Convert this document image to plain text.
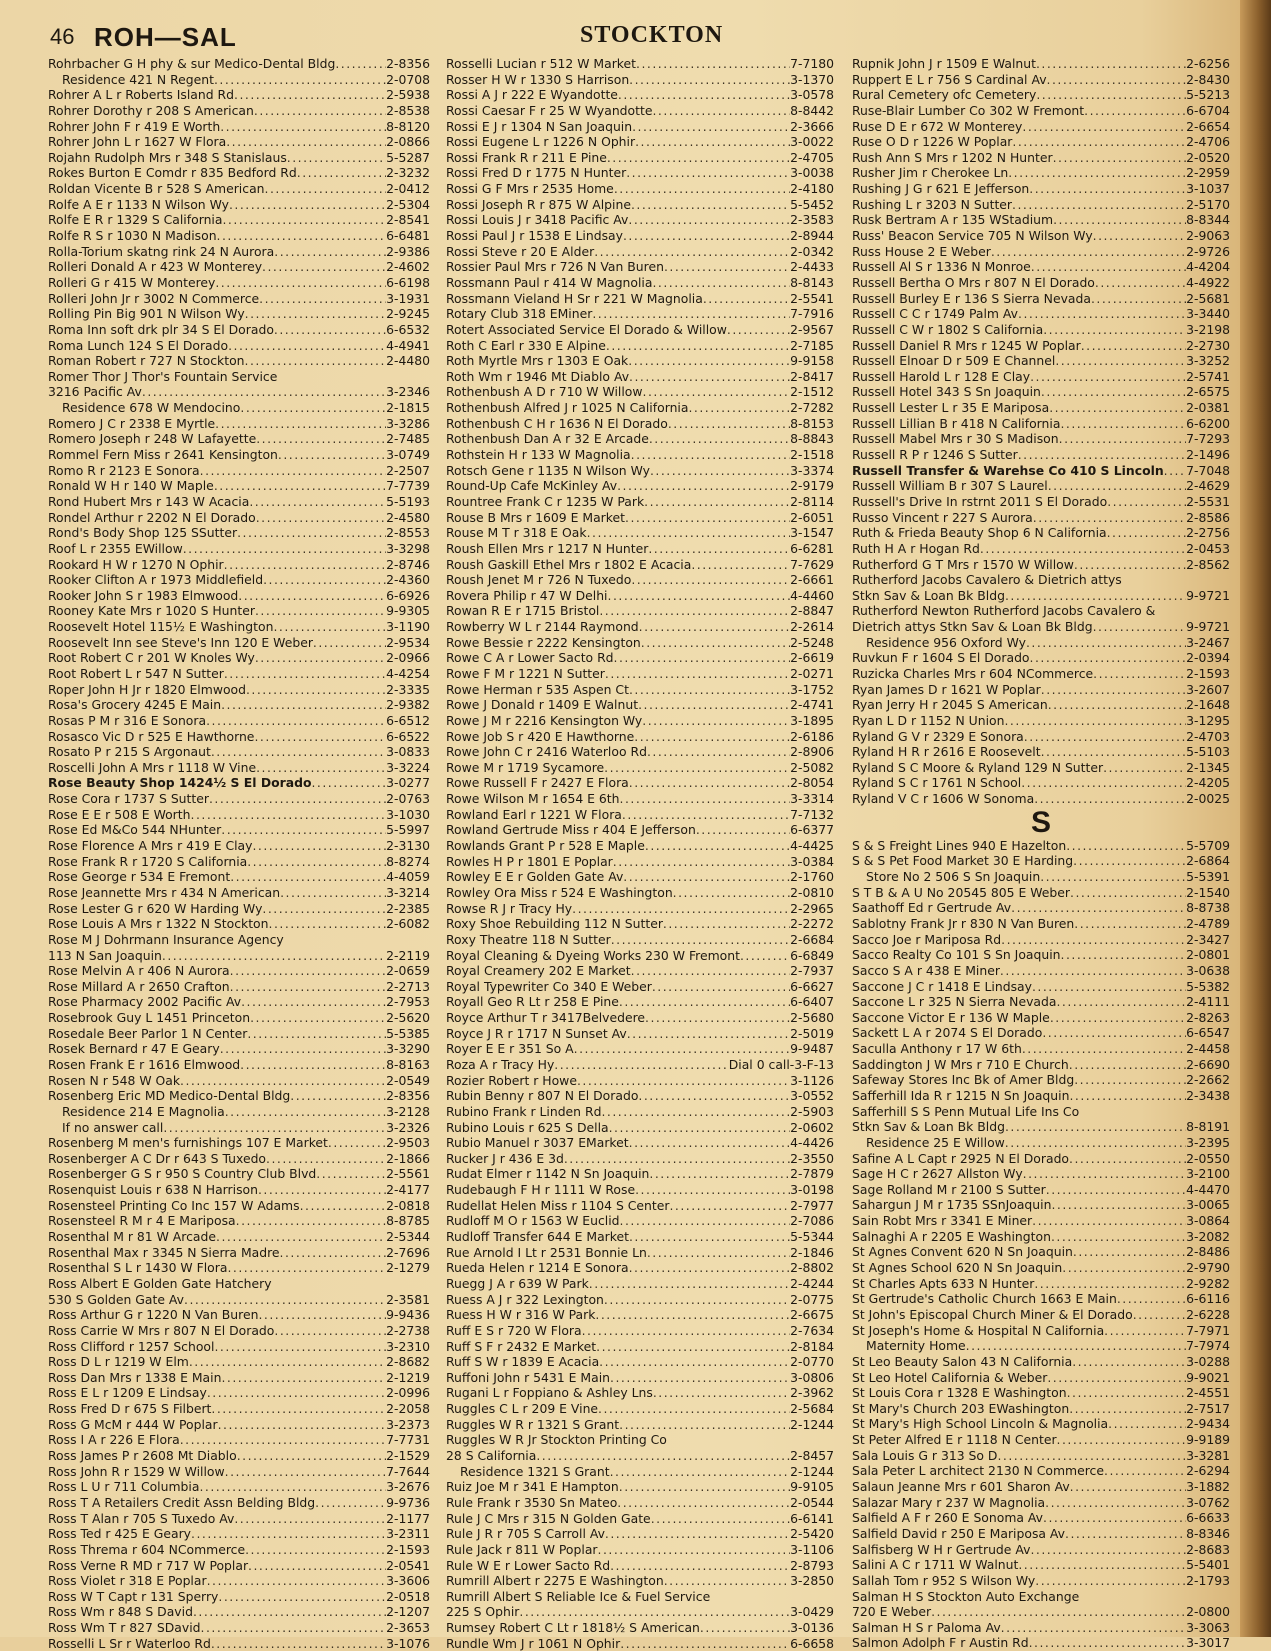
46 ROH—SAL	STOCKTON
Rohrbacher G H phy & sur Medico-Dental Bldg .....	2-8356
Residence 421 N Regent .....	2-0708
Rohrer A L r Roberts Island Rd .....	2-5938
Rohrer Dorothy r 208 S American .....	2-8538
Rohrer John F r 419 E Worth .....	8-8120
Rohrer John L r 1627 W Flora .....	2-0866
Rojahn Rudolph Mrs r 348 S Stanislaus .....	5-5287
Rokes Burton E Comdr r 835 Bedford Rd .....	2-3232
Roldan Vicente B r 528 S American .....	2-0412
Rolfe A E r 1133 N Wilson Wy .....	2-5304
Rolfe E R r 1329 S California .....	2-8541
Rolfe R S r 1030 N Madison .....	6-6481
Rolla-Torium skatng rink 24 N Aurora .....	2-9386
Rolleri Donald A r 423 W Monterey .....	2-4602
Rolleri G r 415 W Monterey .....	6-6198
Rolleri John Jr r 3002 N Commerce .....	3-1931
Rolling Pin Big 901 N Wilson Wy .....	2-9245
Roma Inn soft drk plr 34 S El Dorado .....	6-6532
Roma Lunch 124 S El Dorado .....	4-4941
Roman Robert r 727 N Stockton .....	2-4480
Romer Thor J Thor's Fountain Service
3216 Pacific Av .....	3-2346
Residence 678 W Mendocino .....	2-1815
Romero J C r 2338 E Myrtle .....	3-3286
Romero Joseph r 248 W Lafayette .....	2-7485
Rommel Fern Miss r 2641 Kensington .....	3-0749
Romo R r 2123 E Sonora .....	2-2507
Ronald W H r 140 W Maple .....	7-7739
Rond Hubert Mrs r 143 W Acacia .....	5-5193
Rondel Arthur r 2202 N El Dorado .....	2-4580
Rond's Body Shop 125 SSutter .....	2-8553
Roof L r 2355 EWillow .....	3-3298
Rookard H W r 1270 N Ophir .....	2-8746
Rooker Clifton A r 1973 Middlefield .....	2-4360
Rooker John S r 1983 Elmwood .....	6-6926
Rooney Kate Mrs r 1020 S Hunter .....	9-9305
Roosevelt Hotel 115½ E Washington .....	3-1190
Roosevelt Inn see Steve's Inn 120 E Weber .....	2-9534
Root Robert C r 201 W Knoles Wy .....	2-0966
Root Robert L r 547 N Sutter .....	4-4254
Roper John H Jr r 1820 Elmwood .....	2-3335
Rosa's Grocery 4245 E Main .....	2-9382
Rosas P M r 316 E Sonora .....	6-6512
Rosasco Vic D r 525 E Hawthorne .....	6-6522
Rosato P r 215 S Argonaut .....	3-0833
Roscelli John A Mrs r 1118 W Vine .....	3-3224
Rose Beauty Shop 1424½ S El Dorado .....	3-0277
Rose Cora r 1737 S Sutter .....	2-0763
Rose E E r 508 E Worth .....	3-1030
Rose Ed M&Co 544 NHunter .....	5-5997
Rose Florence A Mrs r 419 E Clay .....	2-3130
Rose Frank R r 1720 S California .....	8-8274
Rose George r 534 E Fremont .....	4-4059
Rose Jeannette Mrs r 434 N American .....	3-3214
Rose Lester G r 620 W Harding Wy .....	2-2385
Rose Louis A Mrs r 1322 N Stockton .....	2-6082
Rose M J Dohrmann Insurance Agency
113 N San Joaquin .....	2-2119
Rose Melvin A r 406 N Aurora .....	2-0659
Rose Millard A r 2650 Crafton .....	2-2713
Rose Pharmacy 2002 Pacific Av .....	2-7953
Rosebrook Guy L 1451 Princeton .....	2-5620
Rosedale Beer Parlor 1 N Center .....	5-5385
Rosek Bernard r 47 E Geary .....	3-3290
Rosen Frank E r 1616 Elmwood .....	8-8163
Rosen N r 548 W Oak .....	2-0549
Rosenberg Eric MD Medico-Dental Bldg .....	2-8356
Residence 214 E Magnolia .....	3-2128
If no answer call .....	3-2326
Rosenberg M men's furnishings 107 E Market .....	2-9503
Rosenberger A C Dr r 643 S Tuxedo .....	2-1866
Rosenberger G S r 950 S Country Club Blvd .....	2-5561
Rosenquist Louis r 638 N Harrison .....	2-4177
Rosensteel Printing Co Inc 157 W Adams .....	2-0818
Rosensteel R M r 4 E Mariposa .....	8-8785
Rosenthal M r 81 W Arcade .....	2-5344
Rosenthal Max r 3345 N Sierra Madre .....	2-7696
Rosenthal S L r 1430 W Flora .....	2-1279
Ross Albert E Golden Gate Hatchery
530 S Golden Gate Av .....	2-3581
Ross Arthur G r 1220 N Van Buren .....	9-9436
Ross Carrie W Mrs r 807 N El Dorado .....	2-2738
Ross Clifford r 1257 School .....	3-2310
Ross D L r 1219 W Elm .....	2-8682
Ross Dan Mrs r 1338 E Main .....	2-1219
Ross E L r 1209 E Lindsay .....	2-0996
Ross Fred D r 675 S Filbert .....	2-2058
Ross G McM r 444 W Poplar .....	3-2373
Ross I A r 226 E Flora .....	7-7731
Ross James P r 2608 Mt Diablo .....	2-1529
Ross John R r 1529 W Willow .....	7-7644
Ross L U r 711 Columbia .....	3-2676
Ross T A Retailers Credit Assn Belding Bldg .....	9-9736
Ross T Alan r 705 S Tuxedo Av .....	2-1177
Ross Ted r 425 E Geary .....	3-2311
Ross Threma r 604 NCommerce .....	2-1593
Ross Verne R MD r 717 W Poplar .....	2-0541
Ross Violet r 318 E Poplar .....	3-3606
Ross W T Capt r 131 Sperry .....	2-0518
Ross Wm r 848 S David .....	2-1207
Ross Wm T r 827 SDavid .....	2-3653
Rosselli L Sr r Waterloo Rd .....	3-1076
Rosselli Lucian r 512 W Market .....	7-7180
Rosser H W r 1330 S Harrison .....	3-1370
Rossi A J r 222 E Wyandotte .....	3-0578
Rossi Caesar F r 25 W Wyandotte .....	8-8442
Rossi E J r 1304 N San Joaquin .....	2-3666
Rossi Eugene L r 1226 N Ophir .....	3-0022
Rossi Frank R r 211 E Pine .....	2-4705
Rossi Fred D r 1775 N Hunter .....	3-0038
Rossi G F Mrs r 2535 Home .....	2-4180
Rossi Joseph R r 875 W Alpine .....	5-5452
Rossi Louis J r 3418 Pacific Av .....	2-3583
Rossi Paul J r 1538 E Lindsay .....	2-8944
Rossi Steve r 20 E Alder .....	2-0342
Rossier Paul Mrs r 726 N Van Buren .....	2-4433
Rossmann Paul r 414 W Magnolia .....	8-8143
Rossmann Vieland H Sr r 221 W Magnolia .....	2-5541
Rotary Club 318 EMiner .....	7-7916
Rotert Associated Service El Dorado & Willow .....	2-9567
Roth C Earl r 330 E Alpine .....	2-7185
Roth Myrtle Mrs r 1303 E Oak .....	9-9158
Roth Wm r 1946 Mt Diablo Av .....	2-8417
Rothenbush A D r 710 W Willow .....	2-1512
Rothenbush Alfred J r 1025 N California .....	2-7282
Rothenbush C H r 1636 N El Dorado .....	8-8153
Rothenbush Dan A r 32 E Arcade .....	8-8843
Rothstein H r 133 W Magnolia .....	2-1518
Rotsch Gene r 1135 N Wilson Wy .....	3-3374
Round-Up Cafe McKinley Av .....	2-9179
Rountree Frank C r 1235 W Park .....	2-8114
Rouse B Mrs r 1609 E Market .....	2-6051
Rouse M T r 318 E Oak .....	3-1547
Roush Ellen Mrs r 1217 N Hunter .....	6-6281
Roush Gaskill Ethel Mrs r 1802 E Acacia .....	7-7629
Roush Jenet M r 726 N Tuxedo .....	2-6661
Rovera Philip r 47 W Delhi .....	4-4460
Rowan R E r 1715 Bristol .....	2-8847
Rowberry W L r 2144 Raymond .....	2-2614
Rowe Bessie r 2222 Kensington .....	2-5248
Rowe C A r Lower Sacto Rd .....	2-6619
Rowe F M r 1221 N Sutter .....	2-0271
Rowe Herman r 535 Aspen Ct .....	3-1752
Rowe J Donald r 1409 E Walnut .....	2-4741
Rowe J M r 2216 Kensington Wy .....	3-1895
Rowe Job S r 420 E Hawthorne .....	2-6186
Rowe John C r 2416 Waterloo Rd .....	2-8906
Rowe M r 1719 Sycamore .....	2-5082
Rowe Russell F r 2427 E Flora .....	2-8054
Rowe Wilson M r 1654 E 6th .....	3-3314
Rowland Earl r 1221 W Flora .....	7-7132
Rowland Gertrude Miss r 404 E Jefferson .....	6-6377
Rowlands Grant P r 528 E Maple .....	4-4425
Rowles H P r 1801 E Poplar .....	3-0384
Rowley E E r Golden Gate Av .....	2-1760
Rowley Ora Miss r 524 E Washington .....	2-0810
Rowse R J r Tracy Hy .....	2-2965
Roxy Shoe Rebuilding 112 N Sutter .....	2-2272
Roxy Theatre 118 N Sutter .....	2-6684
Royal Cleaning & Dyeing Works 230 W Fremont .....	6-6849
Royal Creamery 202 E Market .....	2-7937
Royal Typewriter Co 340 E Weber .....	6-6627
Royall Geo R Lt r 258 E Pine .....	6-6407
Royce Arthur T r 3417Belvedere .....	2-5680
Royce J R r 1717 N Sunset Av .....	2-5019
Royer E E r 351 So A .....	9-9487
Roza A r Tracy Hy .....	Dial 0 call-3-F-13
Rozier Robert r Howe .....	3-1126
Rubin Benny r 807 N El Dorado .....	3-0552
Rubino Frank r Linden Rd .....	2-5903
Rubino Louis r 625 S Della .....	2-0602
Rubio Manuel r 3037 EMarket .....	4-4426
Rucker J r 436 E 3d .....	2-3550
Rudat Elmer r 1142 N Sn Joaquin .....	2-7879
Rudebaugh F H r 1111 W Rose .....	3-0198
Rudellat Helen Miss r 1104 S Center .....	2-7977
Rudloff M O r 1563 W Euclid .....	2-7086
Rudloff Transfer 644 E Market .....	5-5344
Rue Arnold I Lt r 2531 Bonnie Ln .....	2-1846
Rueda Helen r 1214 E Sonora .....	2-8802
Ruegg J A r 639 W Park .....	2-4244
Ruess A J r 322 Lexington .....	2-0775
Ruess H W r 316 W Park .....	2-6675
Ruff E S r 720 W Flora .....	2-7634
Ruff S F r 2432 E Market .....	2-8184
Ruff S W r 1839 E Acacia .....	2-0770
Ruffoni John r 5431 E Main .....	3-0806
Rugani L r Foppiano & Ashley Lns .....	2-3962
Ruggles C L r 209 E Vine .....	2-5684
Ruggles W R r 1321 S Grant .....	2-1244
Ruggles W R Jr Stockton Printing Co
28 S California .....	2-8457
Residence 1321 S Grant .....	2-1244
Ruiz Joe M r 341 E Hampton .....	9-9105
Rule Frank r 3530 Sn Mateo .....	2-0544
Rule J C Mrs r 315 N Golden Gate .....	6-6141
Rule J R r 705 S Carroll Av .....	2-5420
Rule Jack r 811 W Poplar .....	3-1106
Rule W E r Lower Sacto Rd .....	2-8793
Rumrill Albert r 2275 E Washington .....	3-2850
Rumrill Albert S Reliable Ice & Fuel Service
225 S Ophir .....	3-0429
Rumsey Robert C Lt r 1818½ S American .....	3-0136
Rundle Wm J r 1061 N Ophir .....	6-6658
Rupnik John J r 1509 E Walnut .....	2-6256
Ruppert E L r 756 S Cardinal Av .....	2-8430
Rural Cemetery ofc Cemetery .....	5-5213
Ruse-Blair Lumber Co 302 W Fremont .....	6-6704
Ruse D E r 672 W Monterey .....	2-6654
Ruse O D r 1226 W Poplar .....	2-4706
Rush Ann S Mrs r 1202 N Hunter .....	2-0520
Rusher Jim r Cherokee Ln .....	2-2959
Rushing J G r 621 E Jefferson .....	3-1037
Rushing L r 3203 N Sutter .....	2-5170
Rusk Bertram A r 135 WStadium .....	8-8344
Russ' Beacon Service 705 N Wilson Wy .....	2-9063
Russ House 2 E Weber .....	2-9726
Russell Al S r 1336 N Monroe .....	4-4204
Russell Bertha O Mrs r 807 N El Dorado .....	4-4922
Russell Burley E r 136 S Sierra Nevada .....	2-5681
Russell C C r 1749 Palm Av .....	3-3440
Russell C W r 1802 S California .....	3-2198
Russell Daniel R Mrs r 1245 W Poplar .....	2-2730
Russell Elnoar D r 509 E Channel .....	3-3252
Russell Harold L r 128 E Clay .....	2-5741
Russell Hotel 343 S Sn Joaquin .....	2-6575
Russell Lester L r 35 E Mariposa .....	2-0381
Russell Lillian B r 418 N California .....	6-6200
Russell Mabel Mrs r 30 S Madison .....	7-7293
Russell R P r 1246 S Sutter .....	2-1496
Russell Transfer & Warehse Co 410 S Lincoln ..... 7-7048
Russell William B r 307 S Laurel .....	2-4629
Russell's Drive In rstrnt 2011 S El Dorado .....	2-5531
Russo Vincent r 227 S Aurora .....	2-8586
Ruth & Frieda Beauty Shop 6 N California .....	2-2756
Ruth H A r Hogan Rd .....	2-0453
Rutherford G T Mrs r 1570 W Willow .....	2-8562
Rutherford Jacobs Cavalero & Dietrich attys
Stkn Sav & Loan Bk Bldg .....	9-9721
Rutherford Newton Rutherford Jacobs Cavalero &
Dietrich attys Stkn Sav & Loan Bk Bldg .....	9-9721
Residence 956 Oxford Wy .....	3-2467
Ruvkun F r 1604 S El Dorado .....	2-0394
Ruzicka Charles Mrs r 604 NCommerce .....	2-1593
Ryan James D r 1621 W Poplar .....	3-2607
Ryan Jerry H r 2045 S American .....	2-1648
Ryan L D r 1152 N Union .....	3-1295
Ryland G V r 2329 E Sonora .....	2-4703
Ryland H R r 2616 E Roosevelt .....	5-5103
Ryland S C Moore & Ryland 129 N Sutter .....	2-1345
Ryland S C r 1761 N School .....	2-4205
Ryland V C r 1606 W Sonoma .....	2-0025
S
S & S Freight Lines 940 E Hazelton .....	5-5709
S & S Pet Food Market 30 E Harding .....	2-6864
Store No 2 506 S Sn Joaquin .....	5-5391
S T B & A U No 20545 805 E Weber .....	2-1540
Saathoff Ed r Gertrude Av .....	8-8738
Sablotny Frank Jr r 830 N Van Buren .....	2-4789
Sacco Joe r Mariposa Rd .....	2-3427
Sacco Realty Co 101 S Sn Joaquin .....	2-0801
Sacco S A r 438 E Miner .....	3-0638
Saccone J C r 1418 E Lindsay .....	5-5382
Saccone L r 325 N Sierra Nevada .....	2-4111
Saccone Victor E r 136 W Maple .....	2-8263
Sackett L A r 2074 S El Dorado .....	6-6547
Saculla Anthony r 17 W 6th .....	2-4458
Saddington J W Mrs r 710 E Church .....	2-6690
Safeway Stores Inc Bk of Amer Bldg .....	2-2662
Safferhill Ida R r 1215 N Sn Joaquin .....	2-3438
Safferhill S S Penn Mutual Life Ins Co
Stkn Sav & Loan Bk Bldg .....	8-8191
Residence 25 E Willow .....	3-2395
Safine A L Capt r 2925 N El Dorado .....	2-0550
Sage H C r 2627 Allston Wy .....	3-2100
Sage Rolland M r 2100 S Sutter .....	4-4470
Sahargun J M r 1735 SSnJoaquin .....	3-0065
Sain Robt Mrs r 3341 E Miner .....	3-0864
Salnaghi A r 2205 E Washington .....	3-2082
St Agnes Convent 620 N Sn Joaquin .....	2-8486
St Agnes School 620 N Sn Joaquin .....	2-9790
St Charles Apts 633 N Hunter .....	2-9282
St Gertrude's Catholic Church 1663 E Main .....	6-6116
St John's Episcopal Church Miner & El Dorado .....	2-6228
St Joseph's Home & Hospital N California .....	7-7971
Maternity Home .....	7-7974
St Leo Beauty Salon 43 N California .....	3-0288
St Leo Hotel California & Weber .....	9-9021
St Louis Cora r 1328 E Washington .....	2-4551
St Mary's Church 203 EWashington .....	2-7517
St Mary's High School Lincoln & Magnolia .....	2-9434
St Peter Alfred E r 1118 N Center .....	9-9189
Sala Louis G r 313 So D .....	3-3281
Sala Peter L architect 2130 N Commerce .....	2-6294
Salaun Jeanne Mrs r 601 Sharon Av .....	3-1882
Salazar Mary r 237 W Magnolia .....	3-0762
Salfield A F r 260 E Sonoma Av .....	6-6633
Salfield David r 250 E Mariposa Av .....	8-8346
Salfisberg W H r Gertrude Av .....	2-8683
Salini A C r 1711 W Walnut .....	5-5401
Sallah Tom r 952 S Wilson Wy .....	2-1793
Salman H S Stockton Auto Exchange
720 E Weber .....	2-0800
Salman H S r Paloma Av .....	3-3063
Salmon Adolph F r Austin Rd .....	3-3017
